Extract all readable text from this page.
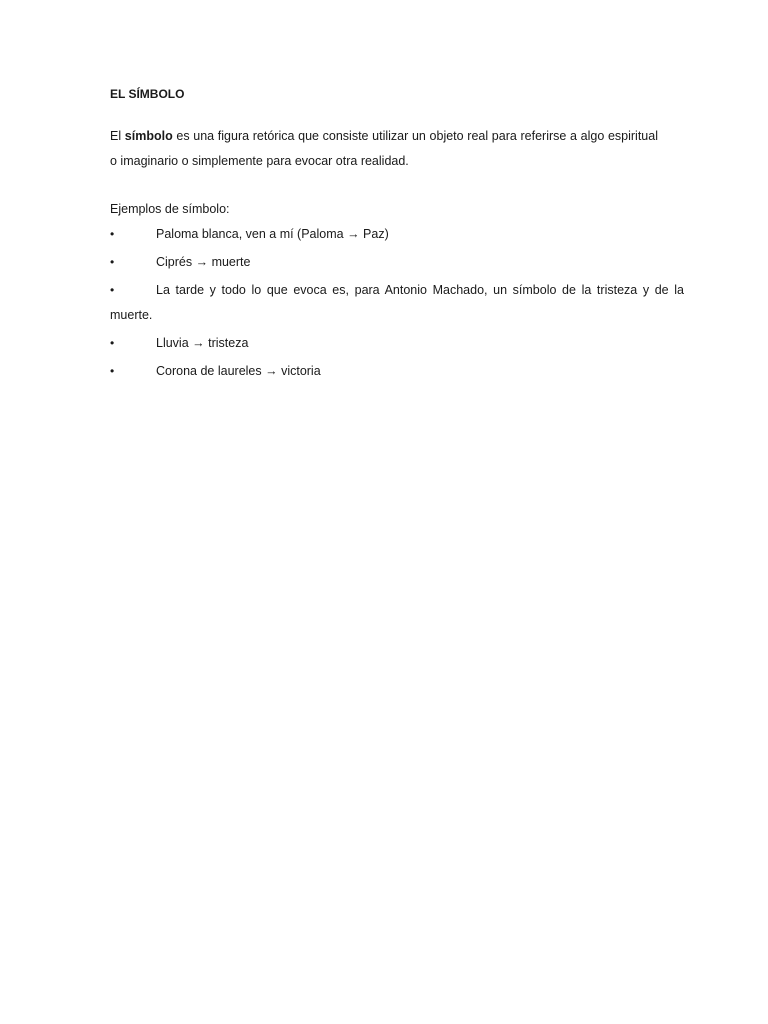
EL SÍMBOLO

El símbolo es una figura retórica que consiste utilizar un objeto real para referirse a algo espiritual o imaginario o simplemente para evocar otra realidad.

Ejemplos de símbolo:

•	Paloma blanca, ven a mí (Paloma → Paz)
•	Ciprés → muerte
•	La tarde y todo lo que evoca es, para Antonio Machado, un símbolo de la tristeza y de la muerte.
•	Lluvia → tristeza
•	Corona de laureles → victoria
